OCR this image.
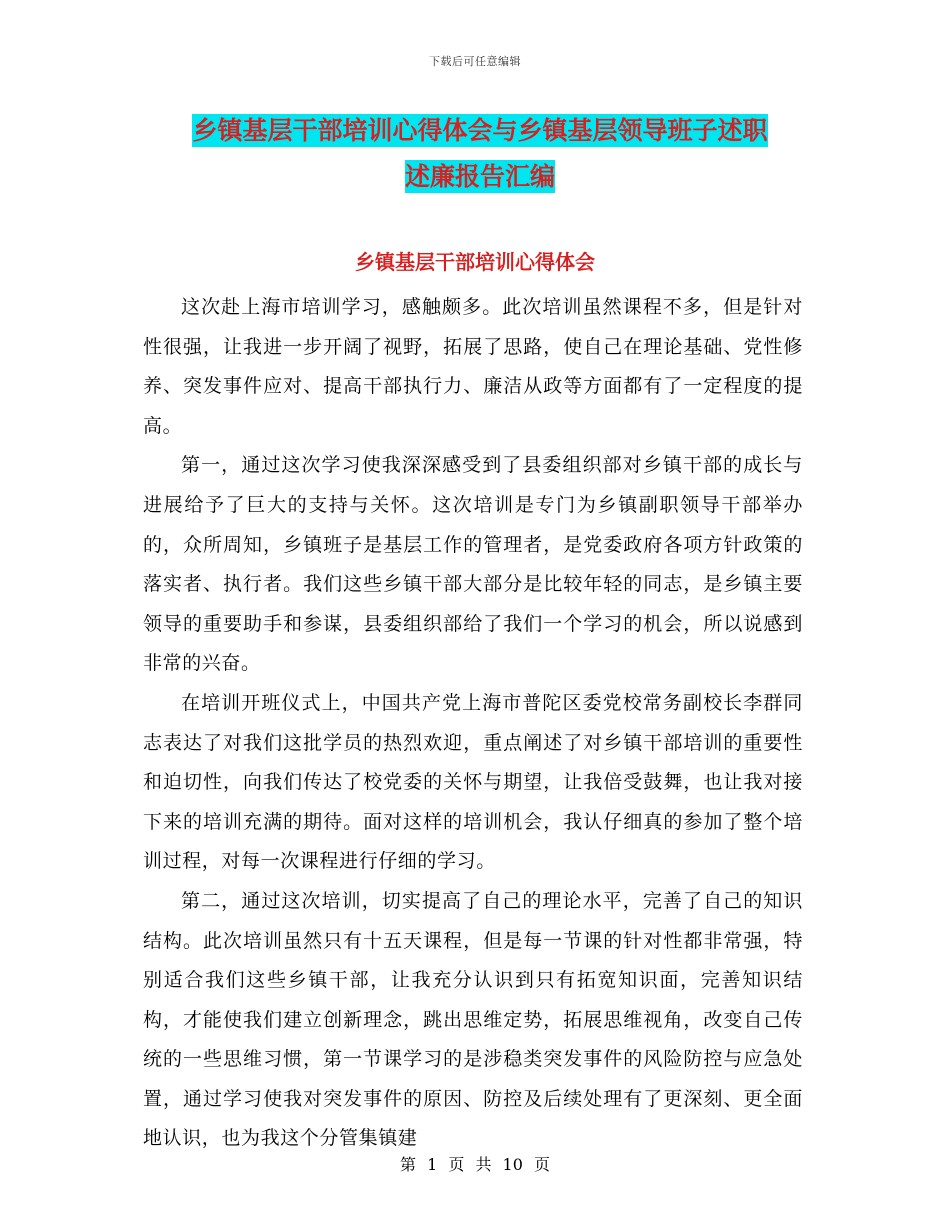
下载后可任意编辑
乡镇基层干部培训心得体会与乡镇基层领导班子述职
述廉报告汇编
乡镇基层干部培训心得体会

这次赴上海市培训学习，感触颇多。此次培训虽然课程不多，但是针对性很强，让我进一步开阔了视野，拓展了思路，使自己在理论基础、党性修养、突发事件应对、提高干部执行力、廉洁从政等方面都有了一定程度的提高。

第一，通过这次学习使我深深感受到了县委组织部对乡镇干部的成长与进展给予了巨大的支持与关怀。这次培训是专门为乡镇副职领导干部举办的，众所周知，乡镇班子是基层工作的管理者，是党委政府各项方针政策的落实者、执行者。我们这些乡镇干部大部分是比较年轻的同志，是乡镇主要领导的重要助手和参谋，县委组织部给了我们一个学习的机会，所以说感到非常的兴奋。

在培训开班仪式上，中国共产党上海市普陀区委党校常务副校长李群同志表达了对我们这批学员的热烈欢迎，重点阐述了对乡镇干部培训的重要性和迫切性，向我们传达了校党委的关怀与期望，让我倍受鼓舞，也让我对接下来的培训充满的期待。面对这样的培训机会，我认仔细真的参加了整个培训过程，对每一次课程进行仔细的学习。

第二，通过这次培训，切实提高了自己的理论水平，完善了自己的知识结构。此次培训虽然只有十五天课程，但是每一节课的针对性都非常强，特别适合我们这些乡镇干部，让我充分认识到只有拓宽知识面，完善知识结构，才能使我们建立创新理念，跳出思维定势，拓展思维视角，改变自己传统的一些思维习惯，第一节课学习的是涉稳类突发事件的风险防控与应急处置，通过学习使我对突发事件的原因、防控及后续处理有了更深刻、更全面地认识，也为我这个分管集镇建

第 1 页 共 10 页
